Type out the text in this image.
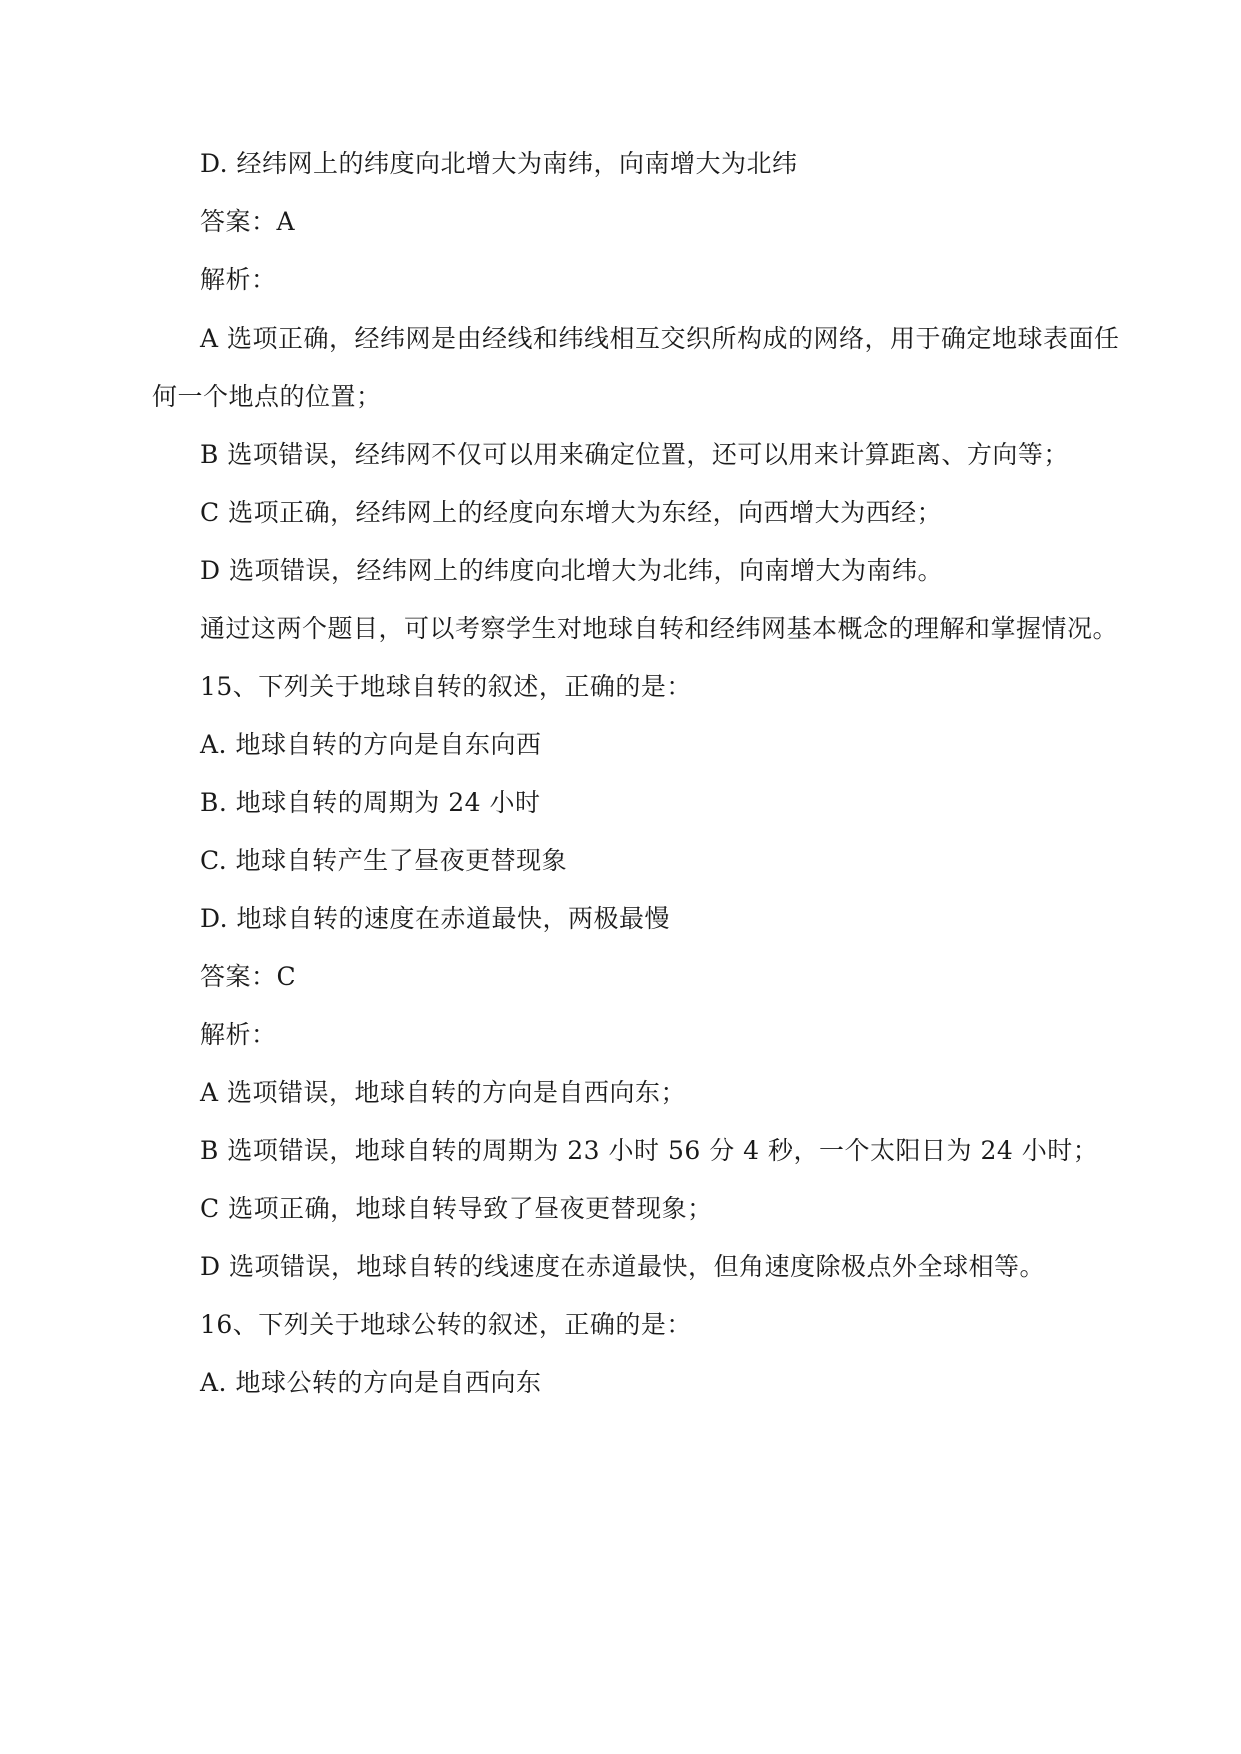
D. 经纬网上的纬度向北增大为南纬，向南增大为北纬
答案：A
解析：
A 选项正确，经纬网是由经线和纬线相互交织所构成的网络，用于确定地球表面任
何一个地点的位置；
B 选项错误，经纬网不仅可以用来确定位置，还可以用来计算距离、方向等；
C 选项正确，经纬网上的经度向东增大为东经，向西增大为西经；
D 选项错误，经纬网上的纬度向北增大为北纬，向南增大为南纬。
通过这两个题目，可以考察学生对地球自转和经纬网基本概念的理解和掌握情况。
15、下列关于地球自转的叙述，正确的是：
A. 地球自转的方向是自东向西
B. 地球自转的周期为 24 小时
C. 地球自转产生了昼夜更替现象
D. 地球自转的速度在赤道最快，两极最慢
答案：C
解析：
A 选项错误，地球自转的方向是自西向东；
B 选项错误，地球自转的周期为 23 小时 56 分 4 秒，一个太阳日为 24 小时；
C 选项正确，地球自转导致了昼夜更替现象；
D 选项错误，地球自转的线速度在赤道最快，但角速度除极点外全球相等。
16、下列关于地球公转的叙述，正确的是：
A. 地球公转的方向是自西向东
